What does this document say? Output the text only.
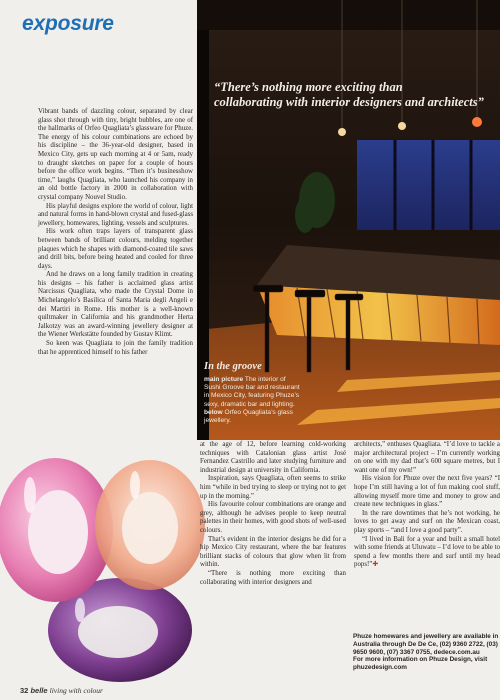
exposure
“There’s nothing more exciting than
collaborating with interior designers and architects”
In the groove
main picture The interior of Sushi Groove bar and restaurant in Mexico City, featuring Phuze’s sexy, dramatic bar and lighting. below Orfeo Quagliata’s glass jewellery.

Vibrant bands of dazzling colour, separated by clear glass shot through with tiny, bright bubbles, are one of the hallmarks of Orfeo Quagliata’s glassware for Phuze. The energy of his colour combinations are echoed by his discipline – the 36-year-old designer, based in Mexico City, gets up each morning at 4 or 5am, ready to draught sketches on paper for a couple of hours before the office work begins. “Then it’s businesshow time,” laughs Quagliata, who launched his company in an old bottle factory in 2000 in collaboration with crystal company Nouvel Studio.

His playful designs explore the world of colour, light and natural forms in hand-blown crystal and fused-glass jewellery, homewares, lighting, vessels and sculptures.

His work often traps layers of transparent glass between bands of brilliant colours, melding together plaques which he shapes with diamond-coated tile saws and drill bits, before being heated and cooled for three days.

And he draws on a long family tradition in creating his designs – his father is acclaimed glass artist Narcissus Quagliata, who made the Crystal Dome in Michelangelo’s Basilica of Santa Maria degli Angeli e dei Martiri in Rome. His mother is a well-known quiltmaker in California and his grandmother Herta Jalkotzy was an award-winning jewellery designer at the Wiener Werkstätte founded by Gustav Klimt.

So keen was Quagliata to join the family tradition that he apprenticed himself to his father

at the age of 12, before learning cold-working techniques with Catalonian glass artist José Fernandez Castrillo and later studying furniture and industrial design at university in California.

Inspiration, says Quagliata, often seems to strike him “while in bed trying to sleep or trying not to get up in the morning.”

His favourite colour combinations are orange and grey, although he advises people to keep neutral palettes in their homes, with good shots of well-used colours.

That’s evident in the interior designs he did for a hip Mexico City restaurant, where the bar features brilliant stacks of colours that glow when lit from within.

“There is nothing more exciting than collaborating with interior designers and

architects,” enthuses Quagliata. “I’d love to tackle a major architectural project – I’m currently working on one with my dad that’s 600 square metres, but I want one of my own!”

His vision for Phuze over the next five years? “I hope I’m still having a lot of fun making cool stuff, allowing myself more time and money to grow and create new techniques in glass.”

In the rare downtimes that he’s not working, he loves to get away and surf on the Mexican coast, play sports – “and I love a good party”.

“I lived in Bali for a year and built a small hotel with some friends at Uluwatu – I’d love to be able to spend a few months there and surf until my head pops!”✚

Phuze homewares and jewellery are available in Australia through De De Ce, (02) 9360 2722, (03) 9650 9600, (07) 3367 0755, dedece.com.au
For more information on Phuze Design, visit phuzedesign.com
32 belle living with colour
